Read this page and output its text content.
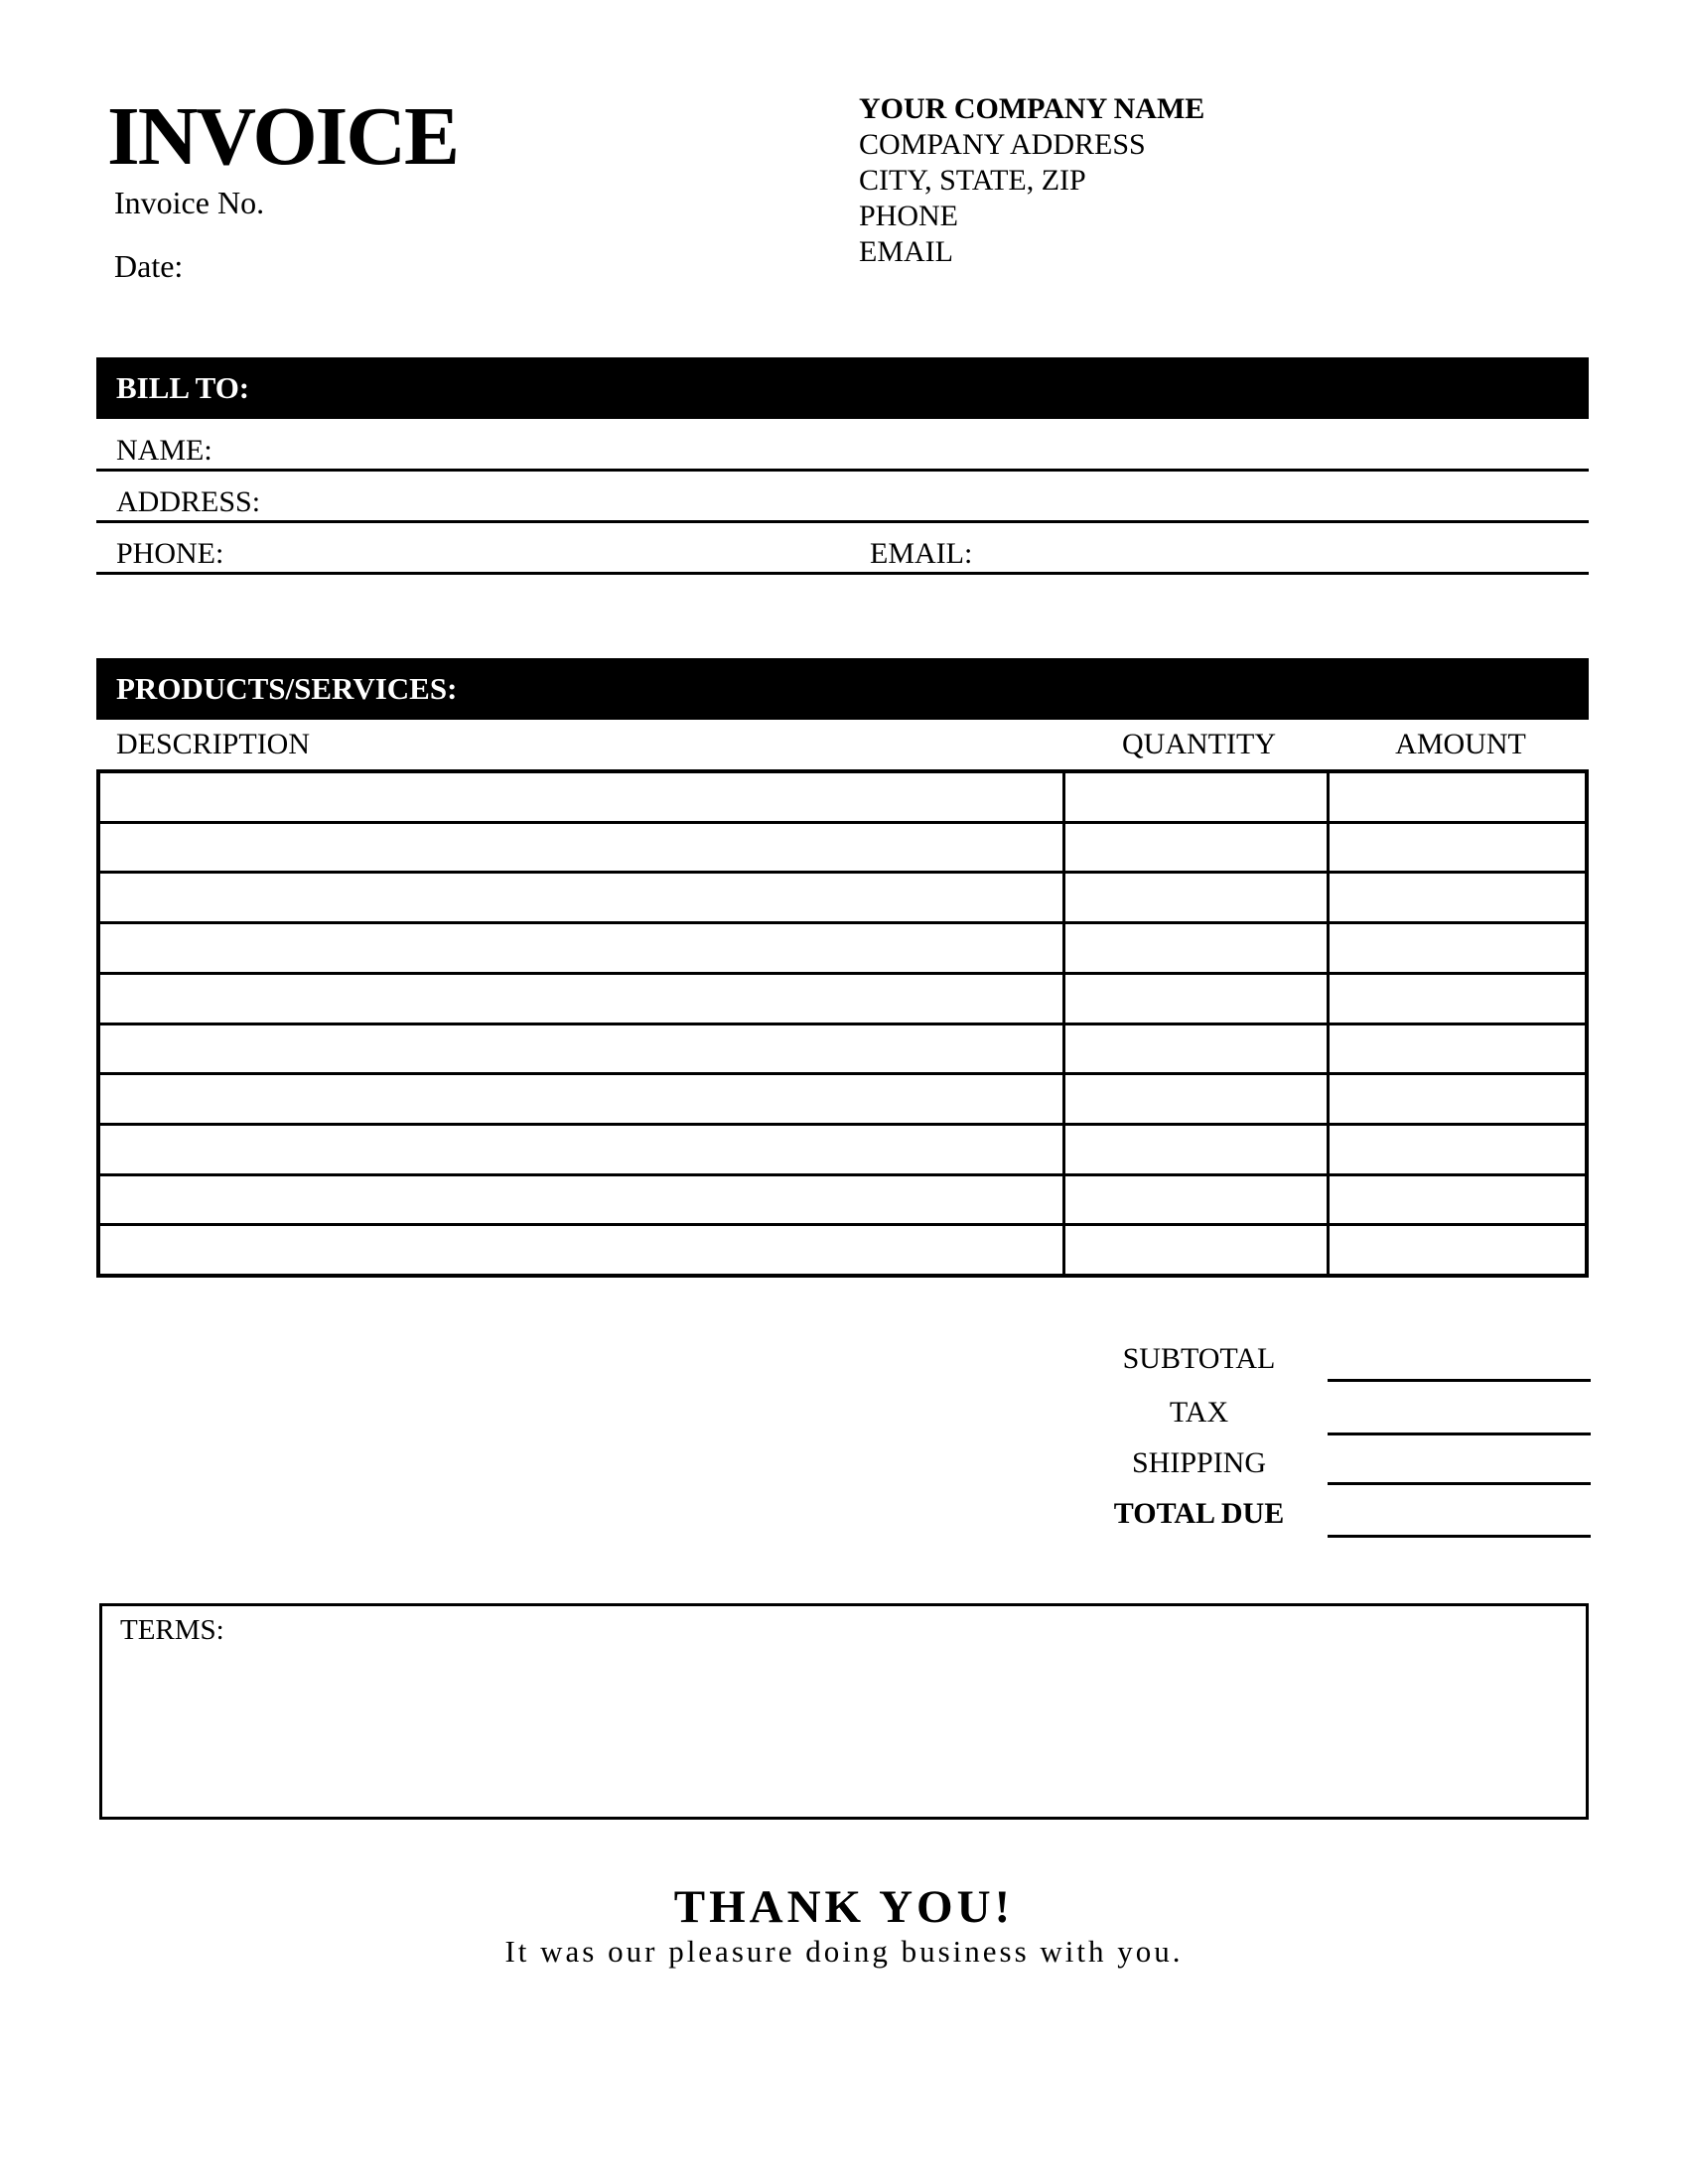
INVOICE
Invoice No.
Date:
YOUR COMPANY NAME
COMPANY ADDRESS
CITY, STATE, ZIP
PHONE
EMAIL
BILL TO:
NAME:
ADDRESS:
PHONE:	EMAIL:
PRODUCTS/SERVICES:
DESCRIPTION	QUANTITY	AMOUNT
SUBTOTAL
TAX
SHIPPING
TOTAL DUE
TERMS:
THANK YOU!
It was our pleasure doing business with you.
